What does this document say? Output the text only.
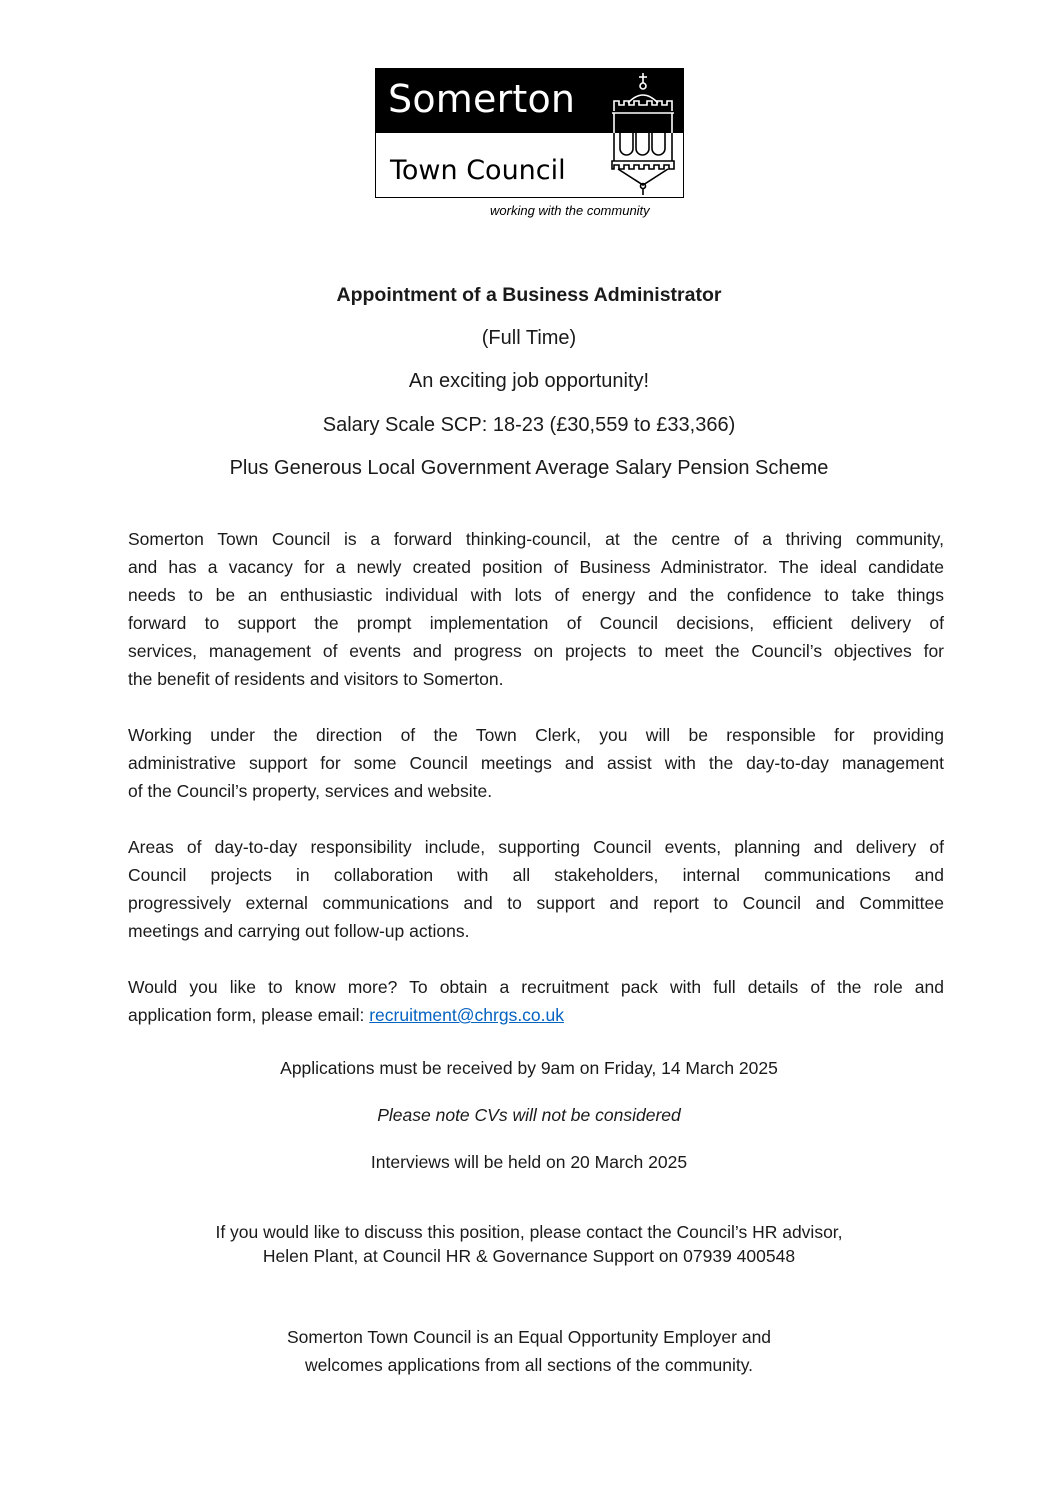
Somerton
Town Council
working with the community
Appointment of a Business Administrator
(Full Time)
An exciting job opportunity!
Salary Scale SCP: 18-23 (£30,559 to £33,366)
Plus Generous Local Government Average Salary Pension Scheme
Somerton Town Council is a forward thinking-council, at the centre of a thriving community,
and has a vacancy for a newly created position of Business Administrator. The ideal candidate
needs to be an enthusiastic individual with lots of energy and the confidence to take things
forward to support the prompt implementation of Council decisions, efficient delivery of
services, management of events and progress on projects to meet the Council’s objectives for
the benefit of residents and visitors to Somerton.
Working under the direction of the Town Clerk, you will be responsible for providing
administrative support for some Council meetings and assist with the day-to-day management
of the Council’s property, services and website.
Areas of day-to-day responsibility include, supporting Council events, planning and delivery of
Council projects in collaboration with all stakeholders, internal communications and
progressively external communications and to support and report to Council and Committee
meetings and carrying out follow-up actions.
Would you like to know more? To obtain a recruitment pack with full details of the role and
application form, please email: recruitment@chrgs.co.uk
Applications must be received by 9am on Friday, 14 March 2025
Please note CVs will not be considered
Interviews will be held on 20 March 2025
If you would like to discuss this position, please contact the Council’s HR advisor,
Helen Plant, at Council HR & Governance Support on 07939 400548
Somerton Town Council is an Equal Opportunity Employer and
welcomes applications from all sections of the community.
